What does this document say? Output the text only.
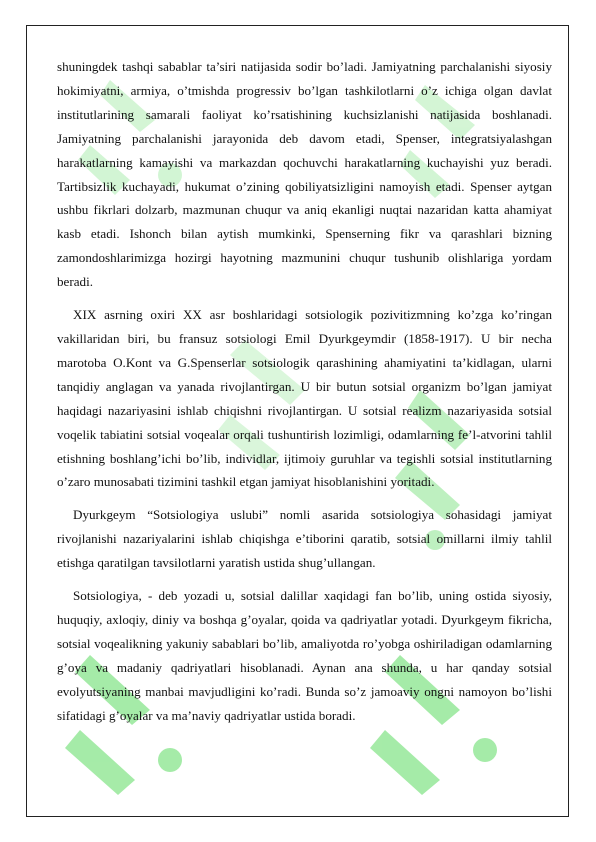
shuningdek tashqi sabablar ta’siri natijasida sodir bo’ladi. Jamiyatning parchalanishi siyosiy hokimiyatni, armiya, o’tmishda progressiv bo’lgan tashkilotlarni o’z ichiga olgan davlat institutlarining samarali faoliyat ko’rsatishining kuchsizlanishi natijasida boshlanadi. Jamiyatning parchalanishi jarayonida deb davom etadi, Spenser, integratsiyalashgan harakatlarning kamayishi va markazdan qochuvchi harakatlarning kuchayishi yuz beradi. Tartibsizlik kuchayadi, hukumat o’zining qobiliyatsizligini namoyish etadi. Spenser aytgan ushbu fikrlari dolzarb, mazmunan chuqur va aniq ekanligi nuqtai nazaridan katta ahamiyat kasb etadi. Ishonch bilan aytish mumkinki, Spenserning fikr va qarashlari bizning zamondoshlarimizga hozirgi hayotning mazmunini chuqur tushunib olishlariga yordam beradi.

XIX asrning oxiri XX asr boshlaridagi sotsiologik pozivitizmning ko’zga ko’ringan vakillaridan biri, bu fransuz sotsiologi Emil Dyurkgeymdir (1858-1917). U bir necha marotoba O.Kont va G.Spenserlar sotsiologik qarashining ahamiyatini ta’kidlagan, ularni tanqidiy anglagan va yanada rivojlantirgan. U bir butun sotsial organizm bo’lgan jamiyat haqidagi nazariyasini ishlab chiqishni rivojlantirgan. U sotsial realizm nazariyasida sotsial voqelik tabiatini sotsial voqealar orqali tushuntirish lozimligi, odamlarning fe’l-atvorini tahlil etishning boshlang’ichi bo’lib, individlar, ijtimoiy guruhlar va tegishli sotsial institutlarning o’zaro munosabati tizimini tashkil etgan jamiyat hisoblanishini yoritadi.

Dyurkgeym “Sotsiologiya uslubi” nomli asarida sotsiologiya sohasidagi jamiyat rivojlanishi nazariyalarini ishlab chiqishga e’tiborini qaratib, sotsial omillarni ilmiy tahlil etishga qaratilgan tavsilotlarni yaratish ustida shug’ullangan.

Sotsiologiya, - deb yozadi u, sotsial dalillar xaqidagi fan bo’lib, uning ostida siyosiy, huquqiy, axloqiy, diniy va boshqa g’oyalar, qoida va qadriyatlar yotadi. Dyurkgeym fikricha, sotsial voqealikning yakuniy sabablari bo’lib, amaliyotda ro’yobga oshiriladigan odamlarning g’oya va madaniy qadriyatlari hisoblanadi. Aynan ana shunda, u har qanday sotsial evolyutsiyaning manbai mavjudligini ko’radi. Bunda so’z jamoaviy ongni namoyon bo’lishi sifatidagi g’oyalar va ma’naviy qadriyatlar ustida boradi.
